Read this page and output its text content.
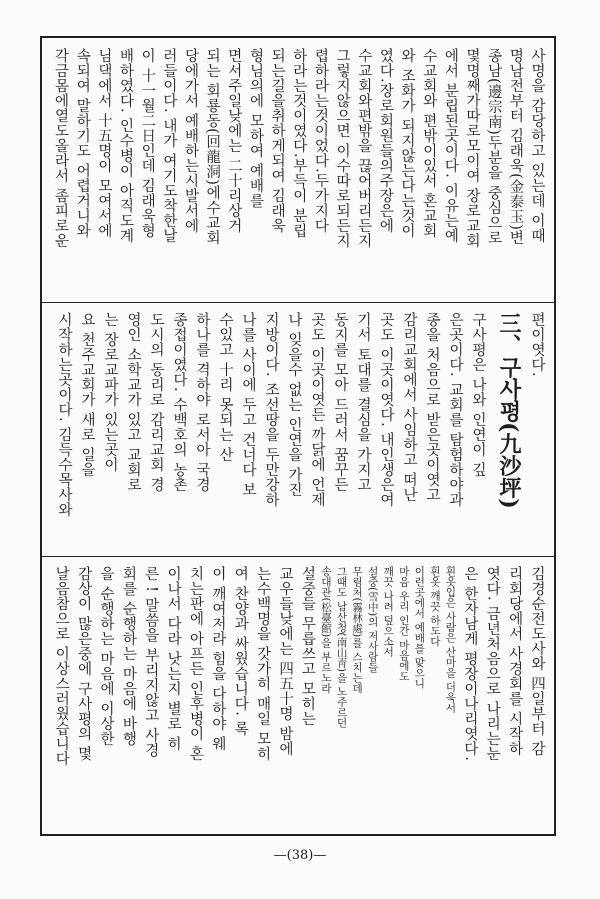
사명을 감당하고 있는데 이때
명남전부터 김래욱(金泰玉)변
종남(邊宗南)두분을 중심으로
몇명째가따로모이여 장로교회
에서 분립된곳이다. 이유는예
수교회와 편밖이있서 혼교회
와 조화가 되지않는다는것이
였다.장로회원들의주장은에
수교회와편밖을 끊어버리든지
그렇지않으면 이수따로되든지
렵하라는것이었다.두가지다
하라는것이였다.부득이 분립
되는길을취하게되여 김래욱
형님의에 모하여 예배를
면서주일낮에는 二十리상거
되는 회룡동(回龍洞)에수교회
당에가서 예배하는시발서에
러들이다. 내가 여기도착한날
이 十一월二日인데 김래욱형
배하였다. 인수병이 아직도계
님댁에서 十五명이 모여서에
속되여 말하기도 어렵거니와
각금몸에열도올라서 좀피로운
편이엿다.
三、구사평(九沙坪)
구사평은 나와 인연이 깊
은곳이다. 교회를 탐험하야과
종을 처음으로 받은곳이엿고
감리교회에서 사임하고 떠난
곳도 이곳이엿다. 내인생은여
기서 토대를 결심을 가지고
동지를 모아 드러서 꿈꾸든
곳도 이곳이엿든 까닭에 언제
나 잊을수 없는 인연을 가진
지방이다. 조선땅을 두만강하
나를 사이에 두고 건너다 보
수있고 十리 못되는 산
하나를 격하야 로서아 국경
종접이였다. 수백호의 농촌
도시의 동리로 감리교회 경
영인 소학교가 있고 교회로
는 장로교파가 있는곳이
요 천주교회가 새로 일을
시작하는곳이다. 김득수목사와
김경순전도사와 四일부터 감
리회당에서 사경회를 시작하
엿다. 금년처음으로 나리는눈
은 한자남게 평장이나리엿다.
흰옷입은 사람은 산마을 더욱서
흰옷 깨끗 하도다
이런곳에서 예배를 맞으니
마음 우리 인간 마음에도
깨끗 나려 덮으소서
설중(雪中)의 저사람들
무림처(霧林處)를 스치는데
그때도 남산청(南山靑)을 노주르던
송대관(松臺館)을 부르노라
설중들 무릅쓰고 모히는
교우들낮에는 四五十명 밤에
는수백명을 갓가히 매일 모히
여 찬양과 싸웠습니다. 록
이 깨여저라 힘을 다하야 웨
치는판에 아프든 인후병이 혼
이나서 다라 낫는지 별로 히
른 ! 말씀을 부리지않고 사경
회를 순행하는 마음에 바행
을 순행하는 마음에 이상한
감상이 많은중에 구사평의 몇
날음참으로 이상스러웠습니다
—(38)—
